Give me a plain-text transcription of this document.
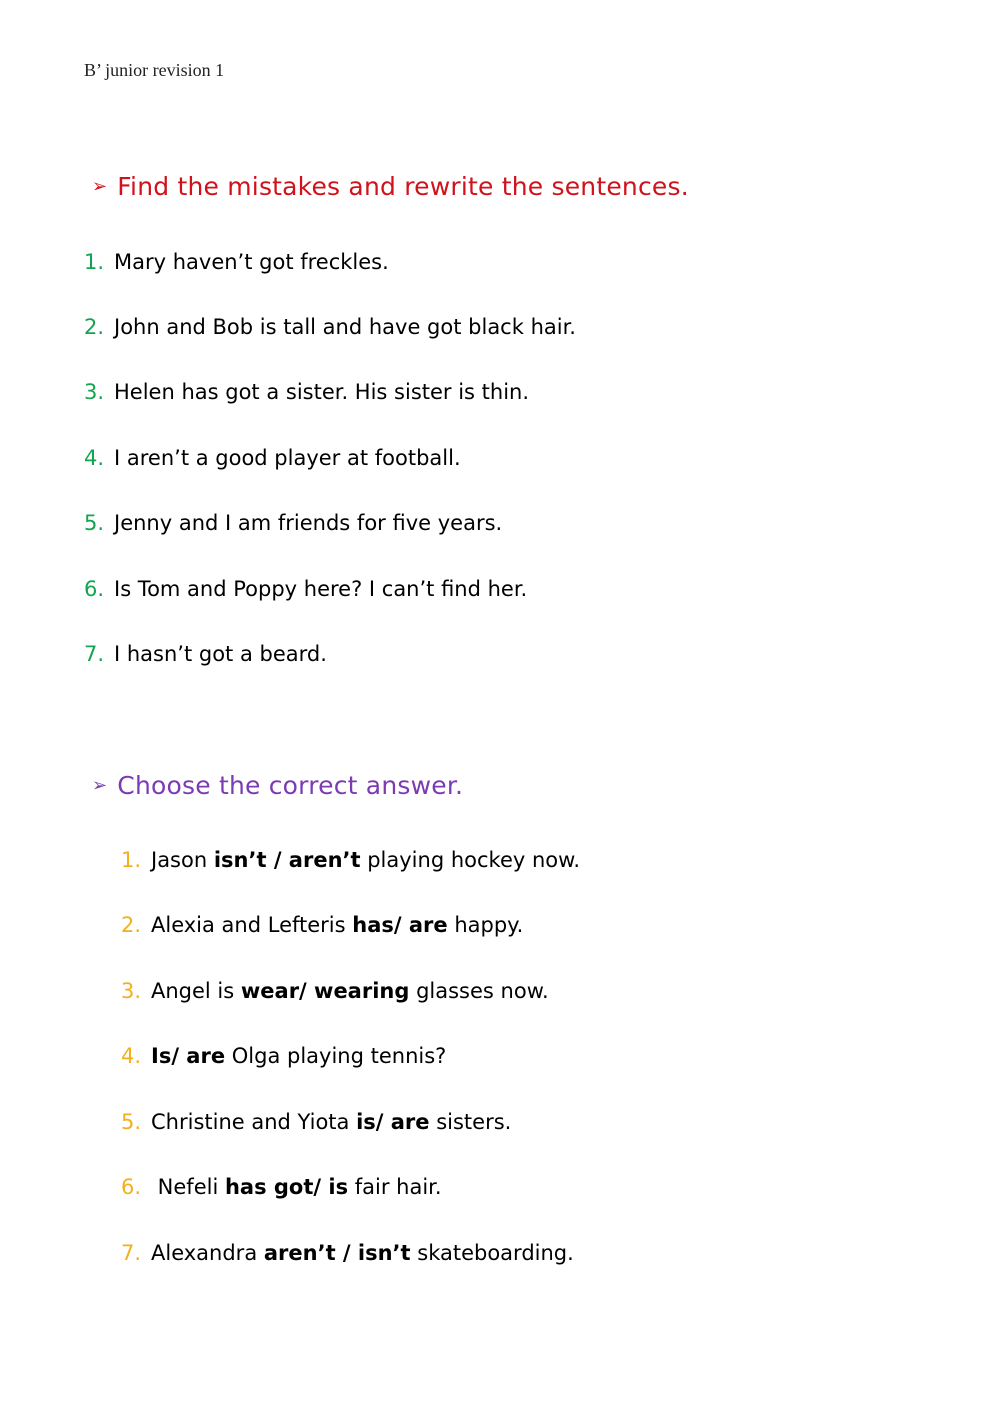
B’ junior revision 1
➢ Find the mistakes and rewrite the sentences.
1. Mary haven’t got freckles.
2. John and Bob is tall and have got black hair.
3. Helen has got a sister. His sister is thin.
4. I aren’t a good player at football.
5. Jenny and I am friends for five years.
6. Is Tom and Poppy here? I can’t find her.
7. I hasn’t got a beard.
➢ Choose the correct answer.
1. Jason isn’t / aren’t playing hockey now.
2. Alexia and Lefteris has/ are happy.
3. Angel is wear/ wearing glasses now.
4. Is/ are Olga playing tennis?
5. Christine and Yiota is/ are sisters.
6. Nefeli has got/ is fair hair.
7. Alexandra aren’t / isn’t skateboarding.
